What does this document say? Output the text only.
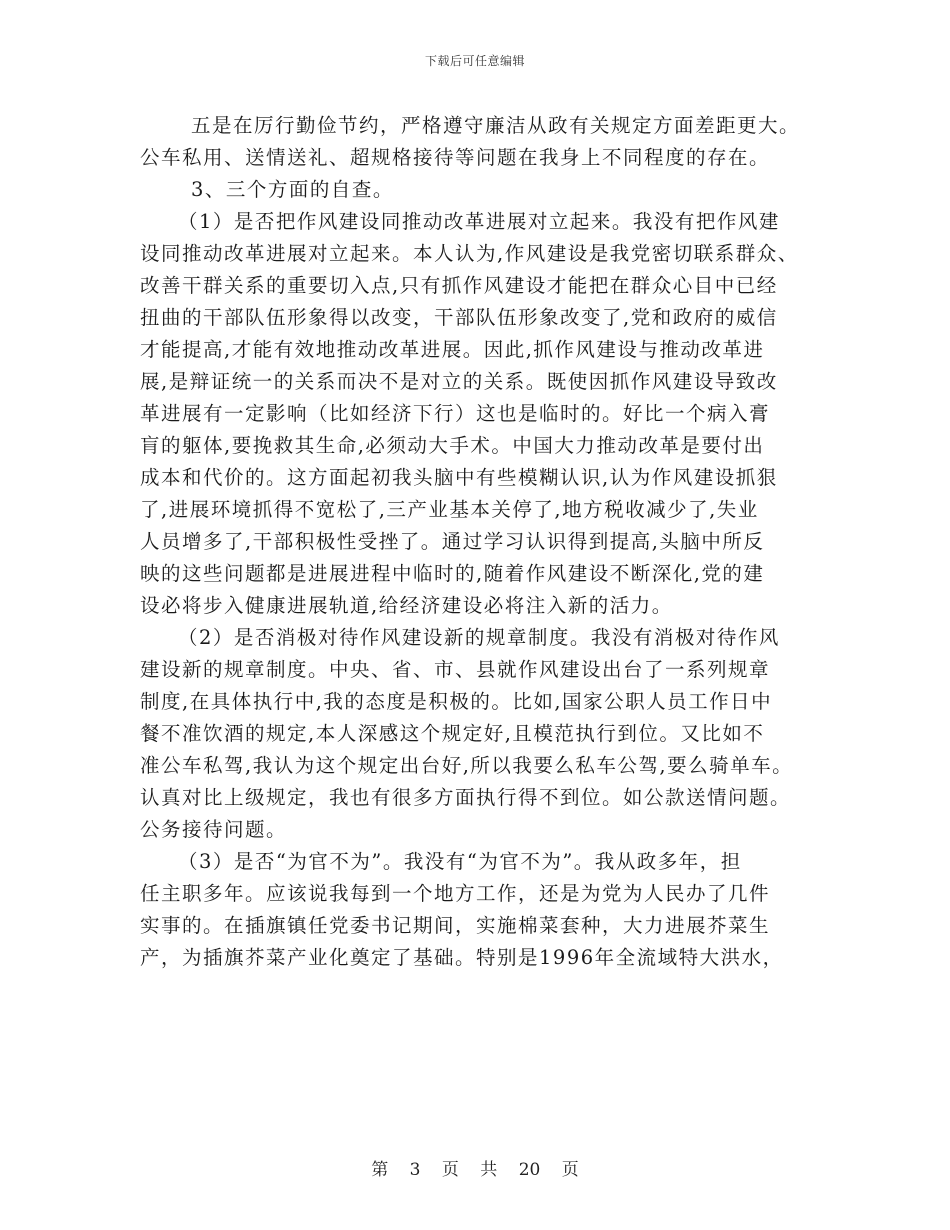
下载后可任意编辑
五是在厉行勤俭节约，严格遵守廉洁从政有关规定方面差距更大。
公车私用、送情送礼、超规格接待等问题在我身上不同程度的存在。
3、三个方面的自查。
（1）是否把作风建设同推动改革进展对立起来。我没有把作风建
设同推动改革进展对立起来。本人认为,作风建设是我党密切联系群众、
改善干群关系的重要切入点,只有抓作风建设才能把在群众心目中已经
扭曲的干部队伍形象得以改变，干部队伍形象改变了,党和政府的威信
才能提高,才能有效地推动改革进展。因此,抓作风建设与推动改革进
展,是辩证统一的关系而决不是对立的关系。既使因抓作风建设导致改
革进展有一定影响（比如经济下行）这也是临时的。好比一个病入膏
肓的躯体,要挽救其生命,必须动大手术。中国大力推动改革是要付出
成本和代价的。这方面起初我头脑中有些模糊认识,认为作风建设抓狠
了,进展环境抓得不宽松了,三产业基本关停了,地方税收减少了,失业
人员增多了,干部积极性受挫了。通过学习认识得到提高,头脑中所反
映的这些问题都是进展进程中临时的,随着作风建设不断深化,党的建
设必将步入健康进展轨道,给经济建设必将注入新的活力。
（2）是否消极对待作风建设新的规章制度。我没有消极对待作风
建设新的规章制度。中央、省、市、县就作风建设出台了一系列规章
制度,在具体执行中,我的态度是积极的。比如,国家公职人员工作日中
餐不准饮酒的规定,本人深感这个规定好,且模范执行到位。又比如不
准公车私驾,我认为这个规定出台好,所以我要么私车公驾,要么骑单车。
认真对比上级规定，我也有很多方面执行得不到位。如公款送情问题。
公务接待问题。
（3）是否“为官不为”。我没有“为官不为”。我从政多年，担
任主职多年。应该说我每到一个地方工作，还是为党为人民办了几件
实事的。在插旗镇任党委书记期间，实施棉菜套种，大力进展芥菜生
产，为插旗芥菜产业化奠定了基础。特别是1996年全流域特大洪水，
第 3 页 共 20 页
